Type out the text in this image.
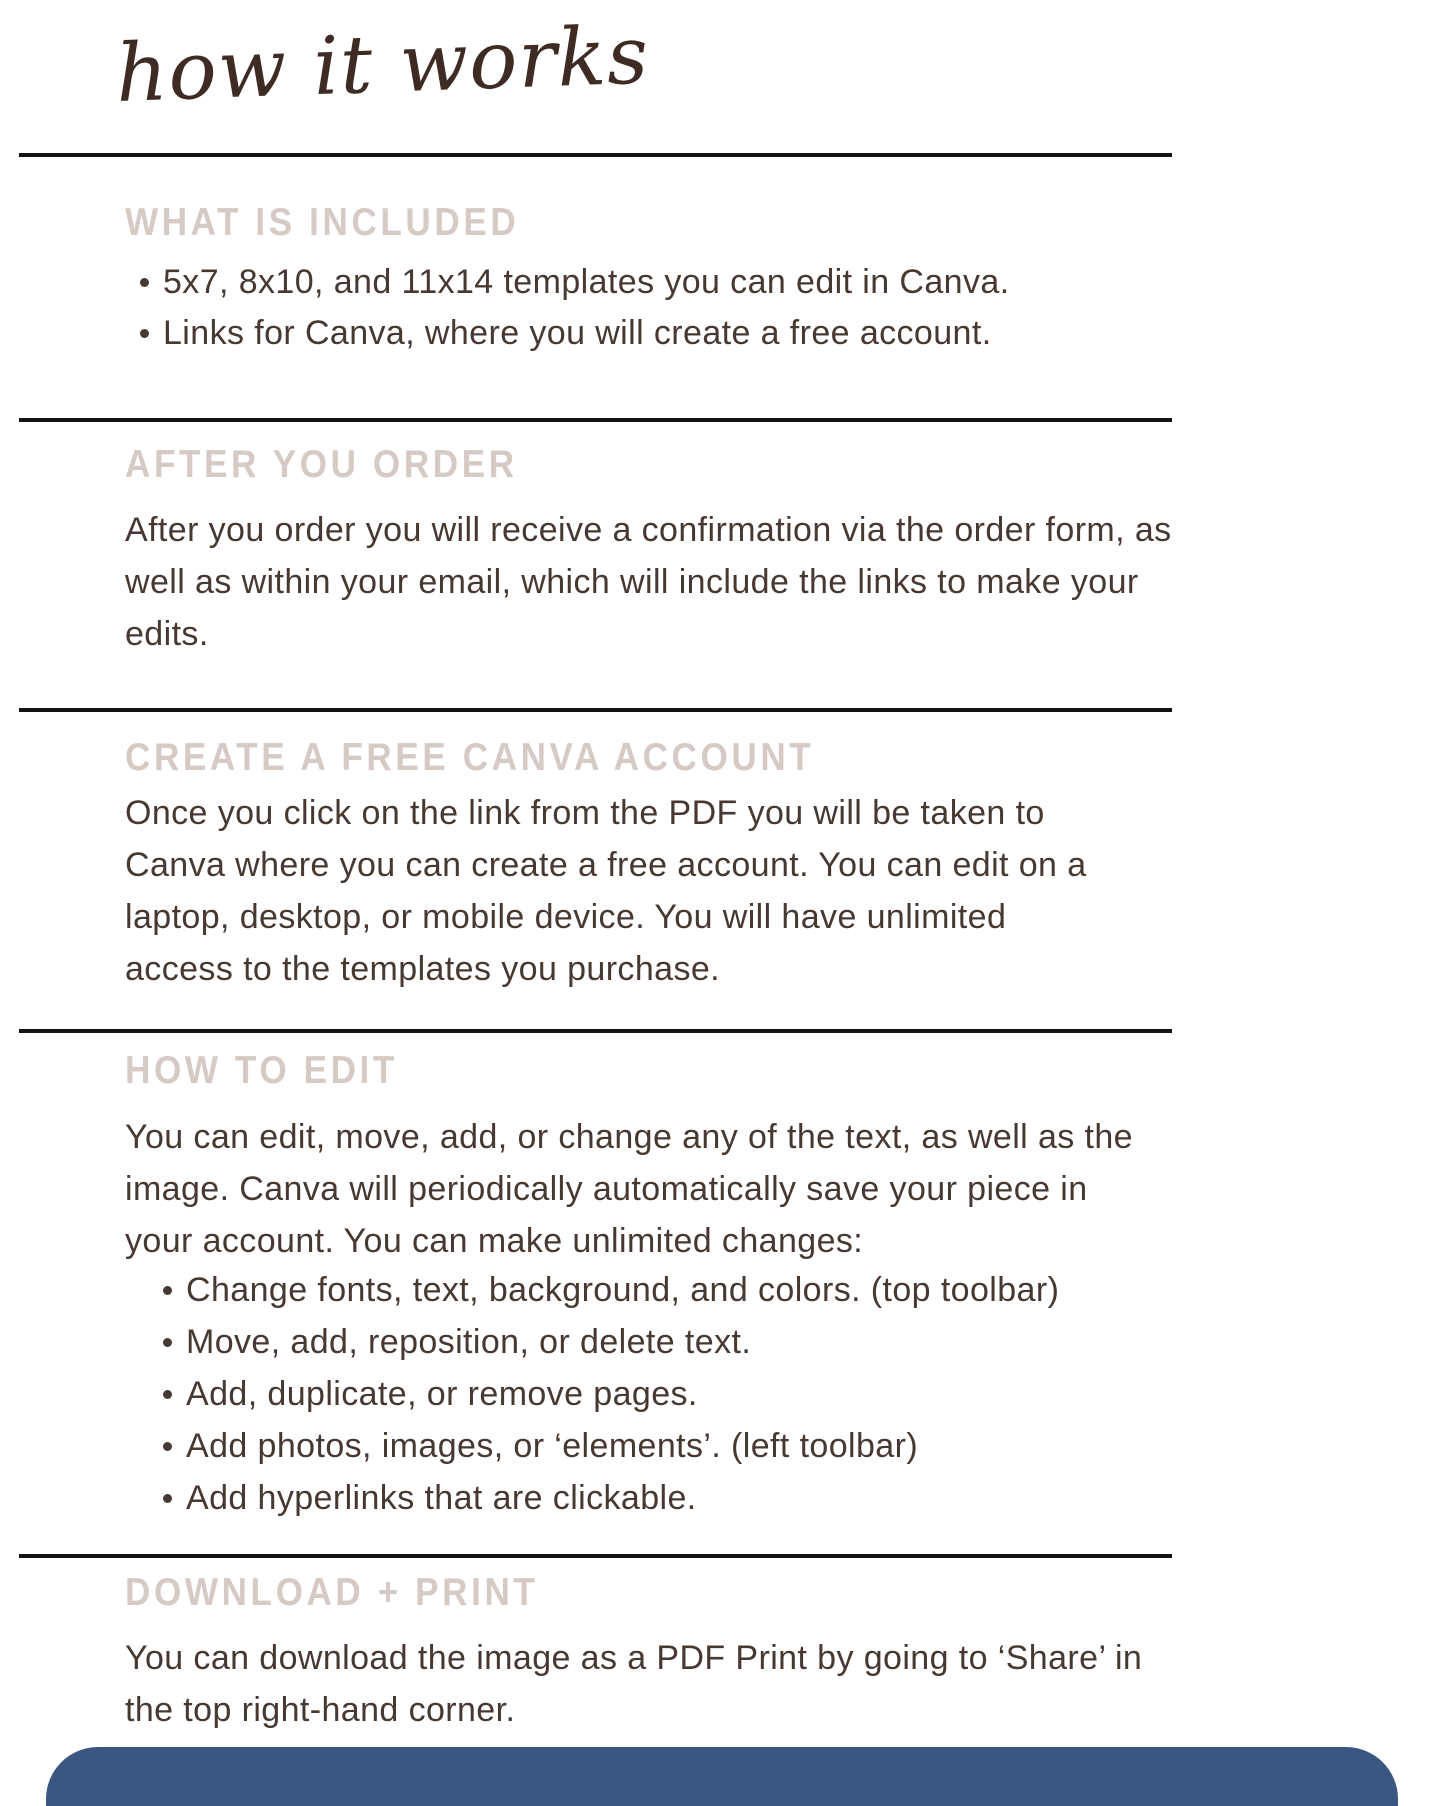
how it works
WHAT IS INCLUDED
5x7, 8x10, and 11x14 templates you can edit in Canva.
Links for Canva, where you will create a free account.
AFTER YOU ORDER
After you order you will receive a confirmation via the order form, as
well as within your email, which will include the links to make your
edits.
CREATE A FREE CANVA ACCOUNT
Once you click on the link from the PDF you will be taken to
Canva where you can create a free account. You can edit on a
laptop, desktop, or mobile device. You will have unlimited
access to the templates you purchase.
HOW TO EDIT
You can edit, move, add, or change any of the text, as well as the
image. Canva will periodically automatically save your piece in
your account. You can make unlimited changes:
Change fonts, text, background, and colors. (top toolbar)
Move, add, reposition, or delete text.
Add, duplicate, or remove pages.
Add photos, images, or ‘elements’. (left toolbar)
Add hyperlinks that are clickable.
DOWNLOAD + PRINT
You can download the image as a PDF Print by going to ‘Share’ in
the top right-hand corner.
